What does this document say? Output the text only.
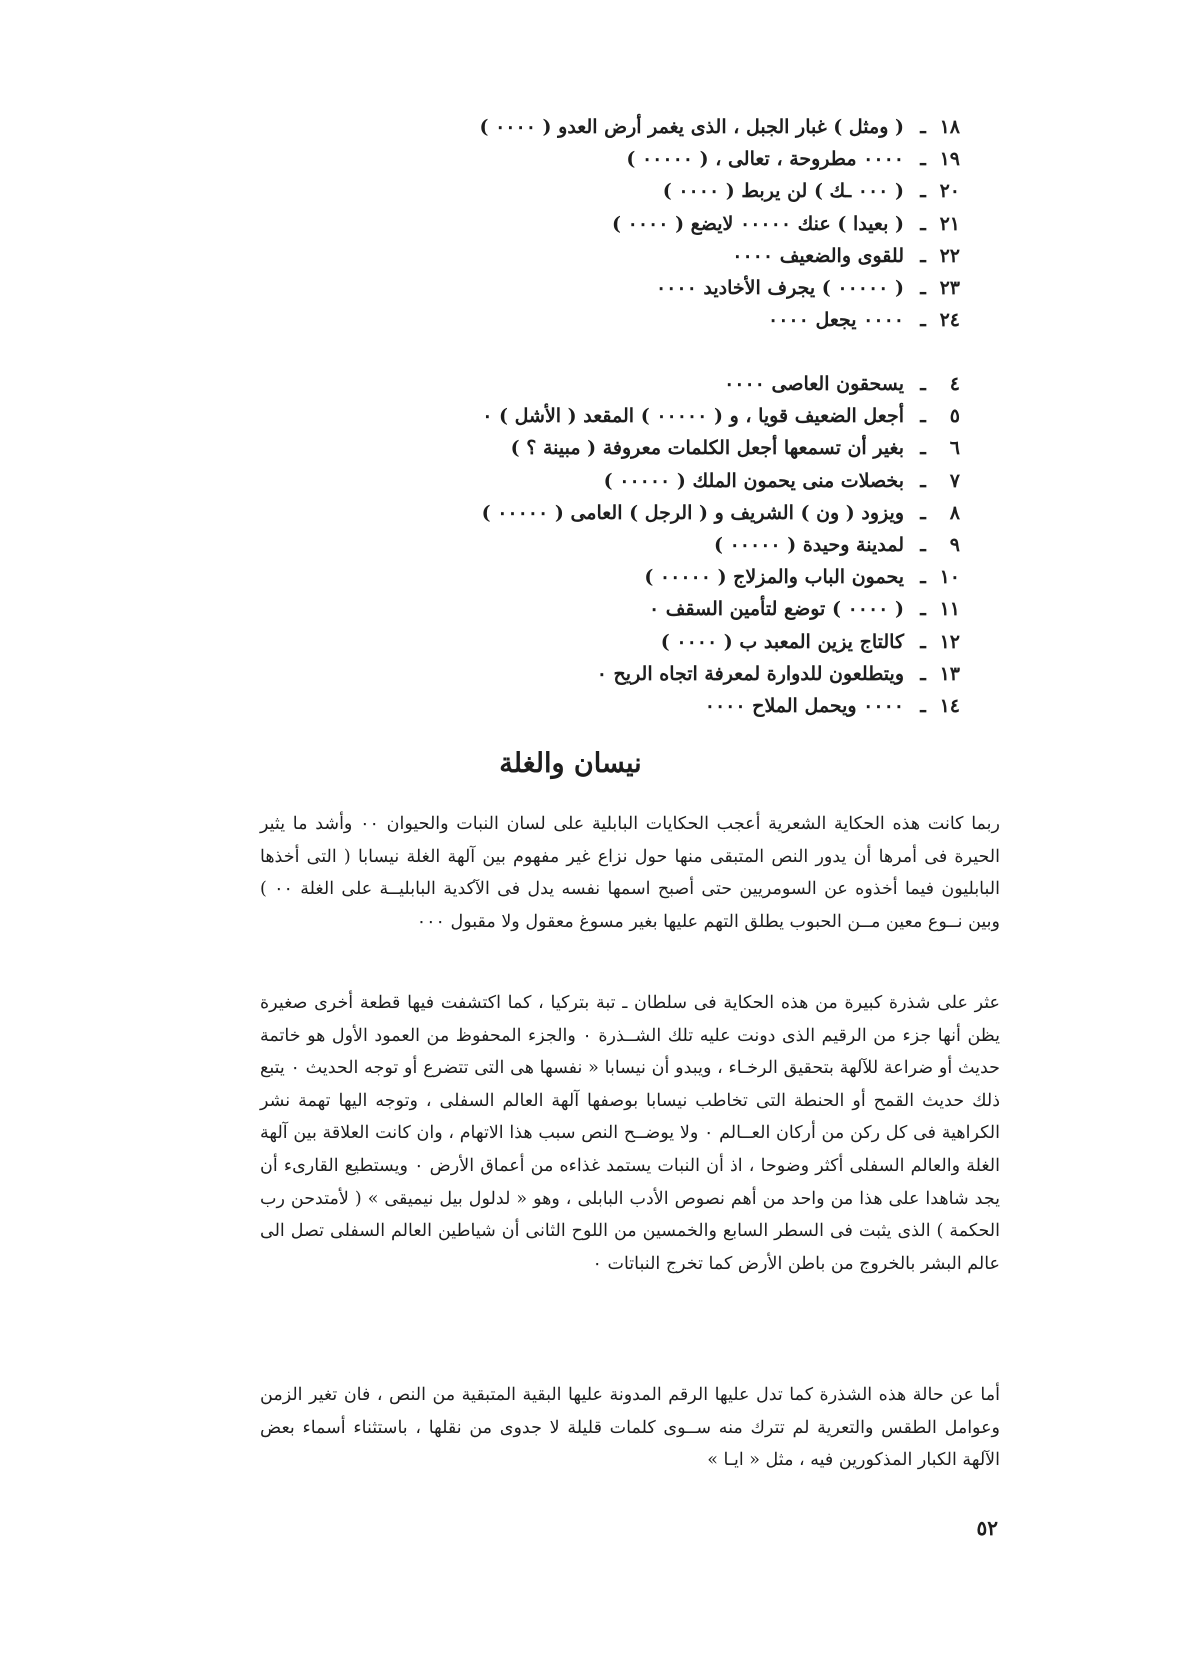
١٨
ـ
( ومثل ) غبار الجبل ، الذى يغمر أرض العدو ( ٠٠٠٠ )
١٩
ـ
٠٠٠٠ مطروحة ، تعالى ، ( ٠٠٠٠٠ )
٢٠
ـ
( ٠٠٠ ـك ) لن يربط ( ٠٠٠٠ )
٢١
ـ
( بعيدا ) عنك ٠٠٠٠٠ لايضع ( ٠٠٠٠ )
٢٢
ـ
للقوى والضعيف ٠٠٠٠
٢٣
ـ
( ٠٠٠٠٠ ) يجرف الأخاديد ٠٠٠٠
٢٤
ـ
٠٠٠٠ يجعل ٠٠٠٠
٤
ـ
يسحقون العاصى ٠٠٠٠
٥
ـ
أجعل الضعيف قويا ، و ( ٠٠٠٠٠ ) المقعد ( الأشل ) ٠
٦
ـ
بغير أن تسمعها أجعل الكلمات معروفة ( مبينة ؟ )
٧
ـ
بخصلات منى يحمون الملك ( ٠٠٠٠٠ )
٨
ـ
ويزود ( ون ) الشريف و ( الرجل ) العامى ( ٠٠٠٠٠ )
٩
ـ
لمدينة وحيدة ( ٠٠٠٠٠ )
١٠
ـ
يحمون الباب والمزلاج ( ٠٠٠٠٠ )
١١
ـ
( ٠٠٠٠ ) توضع لتأمين السقف ٠
١٢
ـ
كالتاج يزين المعبد ب ( ٠٠٠٠ )
١٣
ـ
ويتطلعون للدوارة لمعرفة اتجاه الريح ٠
١٤
ـ
٠٠٠٠ ويحمل الملاح ٠٠٠٠
نيسان والغلة

ربما كانت هذه الحكاية الشعرية أعجب الحكايات البابلية على لسان النبات والحيوان ٠٠ وأشد ما يثير الحيرة فى أمرها أن يدور النص المتبقى منها حول نزاع غير مفهوم بين آلهة الغلة نيسابا ( التى أخذها البابليون فيما أخذوه عن السومريين حتى أصبح اسمها نفسه يدل فى الآكدية البابليــة على الغلة ٠٠ ) وبين نــوع معين مــن الحبوب يطلق التهم عليها بغير مسوغ معقول ولا مقبول ٠٠٠

عثر على شذرة كبيرة من هذه الحكاية فى سلطان ـ تبة بتركيا ، كما اكتشفت فيها قطعة أخرى صغيرة يظن أنها جزء من الرقيم الذى دونت عليه تلك الشــذرة ٠ والجزء المحفوظ من العمود الأول هو خاتمة حديث أو ضراعة للآلهة بتحقيق الرخـاء ، ويبدو أن نيسابا « نفسها هى التى تتضرع أو توجه الحديث ٠ يتبع ذلك حديث القمح أو الحنطة التى تخاطب نيسابا بوصفها آلهة العالم السفلى ، وتوجه اليها تهمة نشر الكراهية فى كل ركن من أركان العــالم ٠ ولا يوضــح النص سبب هذا الاتهام ، وان كانت العلاقة بين آلهة الغلة والعالم السفلى أكثر وضوحا ، اذ أن النبات يستمد غذاءه من أعماق الأرض ٠ ويستطيع القارىء أن يجد شاهدا على هذا من واحد من أهم نصوص الأدب البابلى ، وهو « لدلول بيل نيميقى » ( لأمتدحن رب الحكمة ) الذى يثبت فى السطر السابع والخمسين من اللوح الثانى أن شياطين العالم السفلى تصل الى عالم البشر بالخروج من باطن الأرض كما تخرج النباتات ٠

أما عن حالة هذه الشذرة كما تدل عليها الرقم المدونة عليها البقية المتبقية من النص ، فان تغير الزمن وعوامل الطقس والتعرية لم تترك منه ســوى كلمات قليلة لا جدوى من نقلها ، باستثناء أسماء بعض الآلهة الكبار المذكورين فيه ، مثل « ايـا »

٥٢
